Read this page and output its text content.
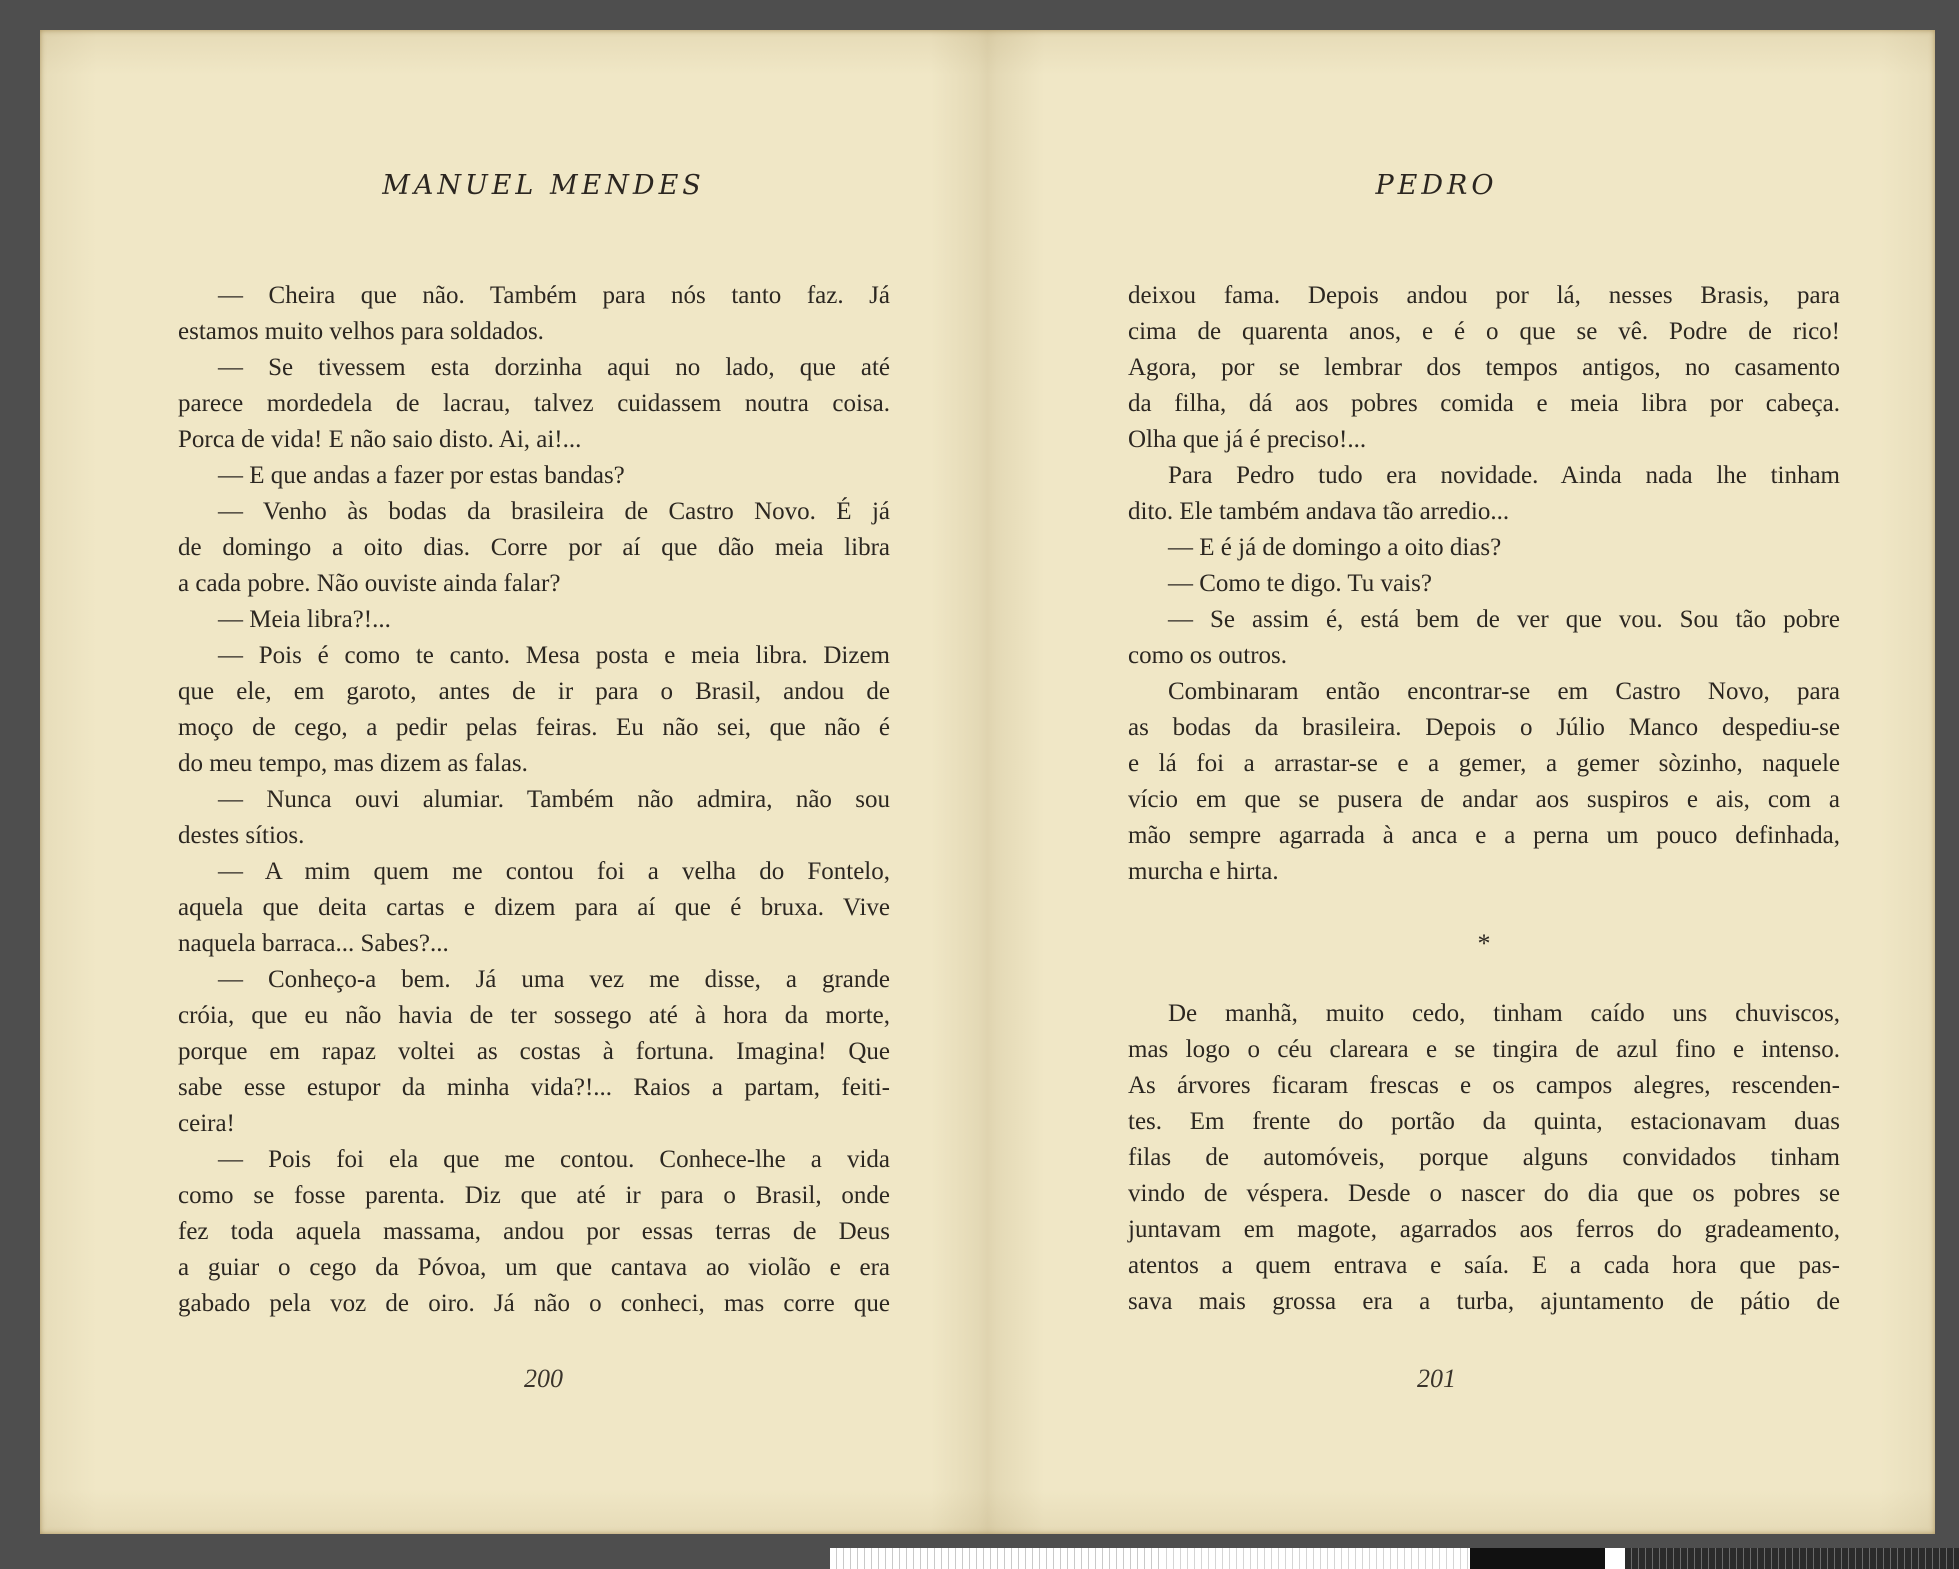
MANUEL MENDES
— Cheira que não. Também para nós tanto faz. Já
estamos muito velhos para soldados.
— Se tivessem esta dorzinha aqui no lado, que até
parece mordedela de lacrau, talvez cuidassem noutra coisa.
Porca de vida! E não saio disto. Ai, ai!...
— E que andas a fazer por estas bandas?
— Venho às bodas da brasileira de Castro Novo. É já
de domingo a oito dias. Corre por aí que dão meia libra
a cada pobre. Não ouviste ainda falar?
— Meia libra?!...
— Pois é como te canto. Mesa posta e meia libra. Dizem
que ele, em garoto, antes de ir para o Brasil, andou de
moço de cego, a pedir pelas feiras. Eu não sei, que não é
do meu tempo, mas dizem as falas.
— Nunca ouvi alumiar. Também não admira, não sou
destes sítios.
— A mim quem me contou foi a velha do Fontelo,
aquela que deita cartas e dizem para aí que é bruxa. Vive
naquela barraca... Sabes?...
— Conheço-a bem. Já uma vez me disse, a grande
cróia, que eu não havia de ter sossego até à hora da morte,
porque em rapaz voltei as costas à fortuna. Imagina! Que
sabe esse estupor da minha vida?!... Raios a partam, feiti-
ceira!
— Pois foi ela que me contou. Conhece-lhe a vida
como se fosse parenta. Diz que até ir para o Brasil, onde
fez toda aquela massama, andou por essas terras de Deus
a guiar o cego da Póvoa, um que cantava ao violão e era
gabado pela voz de oiro. Já não o conheci, mas corre que
200
PEDRO
deixou fama. Depois andou por lá, nesses Brasis, para
cima de quarenta anos, e é o que se vê. Podre de rico!
Agora, por se lembrar dos tempos antigos, no casamento
da filha, dá aos pobres comida e meia libra por cabeça.
Olha que já é preciso!...
Para Pedro tudo era novidade. Ainda nada lhe tinham
dito. Ele também andava tão arredio...
— E é já de domingo a oito dias?
— Como te digo. Tu vais?
— Se assim é, está bem de ver que vou. Sou tão pobre
como os outros.
Combinaram então encontrar-se em Castro Novo, para
as bodas da brasileira. Depois o Júlio Manco despediu-se
e lá foi a arrastar-se e a gemer, a gemer sòzinho, naquele
vício em que se pusera de andar aos suspiros e ais, com a
mão sempre agarrada à anca e a perna um pouco definhada,
murcha e hirta.
*
De manhã, muito cedo, tinham caído uns chuviscos,
mas logo o céu clareara e se tingira de azul fino e intenso.
As árvores ficaram frescas e os campos alegres, rescenden-
tes. Em frente do portão da quinta, estacionavam duas
filas de automóveis, porque alguns convidados tinham
vindo de véspera. Desde o nascer do dia que os pobres se
juntavam em magote, agarrados aos ferros do gradeamento,
atentos a quem entrava e saía. E a cada hora que pas-
sava mais grossa era a turba, ajuntamento de pátio de
201
